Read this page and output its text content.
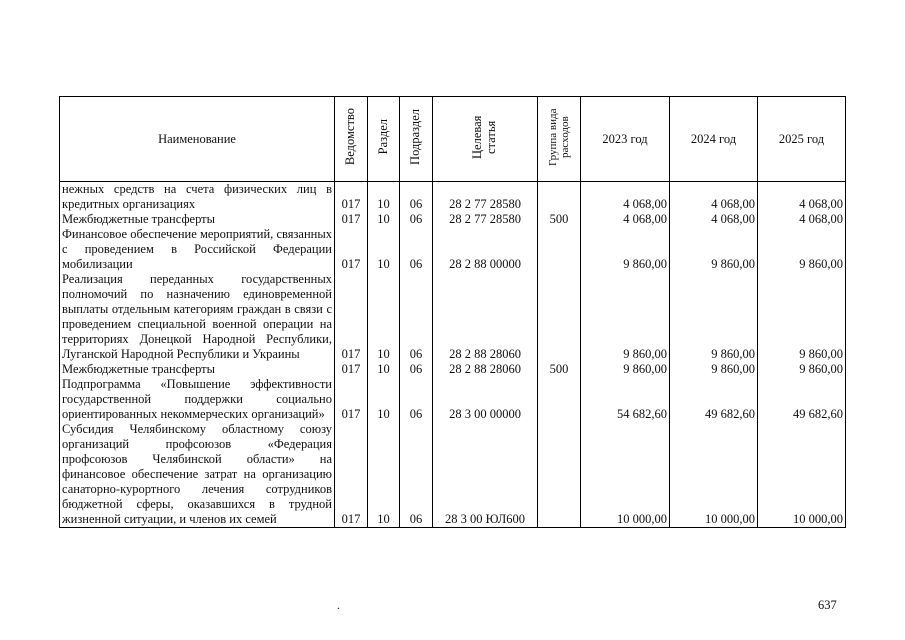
Наименование	Ведомство	Раздел	Подраздел	Целевая статья	Группа вида расходов	2023 год	2024 год	2025 год
нежных средств на счета физических лиц в кредитных организациях	017	10	06	28 2 77 28580		4 068,00	4 068,00	4 068,00
Межбюджетные трансферты	017	10	06	28 2 77 28580	500	4 068,00	4 068,00	4 068,00
Финансовое обеспечение мероприятий, связанных с проведением в Российской Федерации мобилизации	017	10	06	28 2 88 00000		9 860,00	9 860,00	9 860,00
Реализация переданных государственных полномочий по назначению единовременной выплаты отдельным категориям граждан в связи с проведением специальной военной операции на территориях Донецкой Народной Республики, Луганской Народной Республики и Украины	017	10	06	28 2 88 28060		9 860,00	9 860,00	9 860,00
Межбюджетные трансферты	017	10	06	28 2 88 28060	500	9 860,00	9 860,00	9 860,00
Подпрограмма «Повышение эффективности государственной поддержки социально ориентированных некоммерческих организаций»	017	10	06	28 3 00 00000		54 682,60	49 682,60	49 682,60
Субсидия Челябинскому областному союзу организаций профсоюзов «Федерация профсоюзов Челябинской области» на финансовое обеспечение затрат на организацию санаторно-курортного лечения сотрудников бюджетной сферы, оказавшихся в трудной жизненной ситуации, и членов их семей	017	10	06	28 3 00 ЮЛ600		10 000,00	10 000,00	10 000,00
.	637
